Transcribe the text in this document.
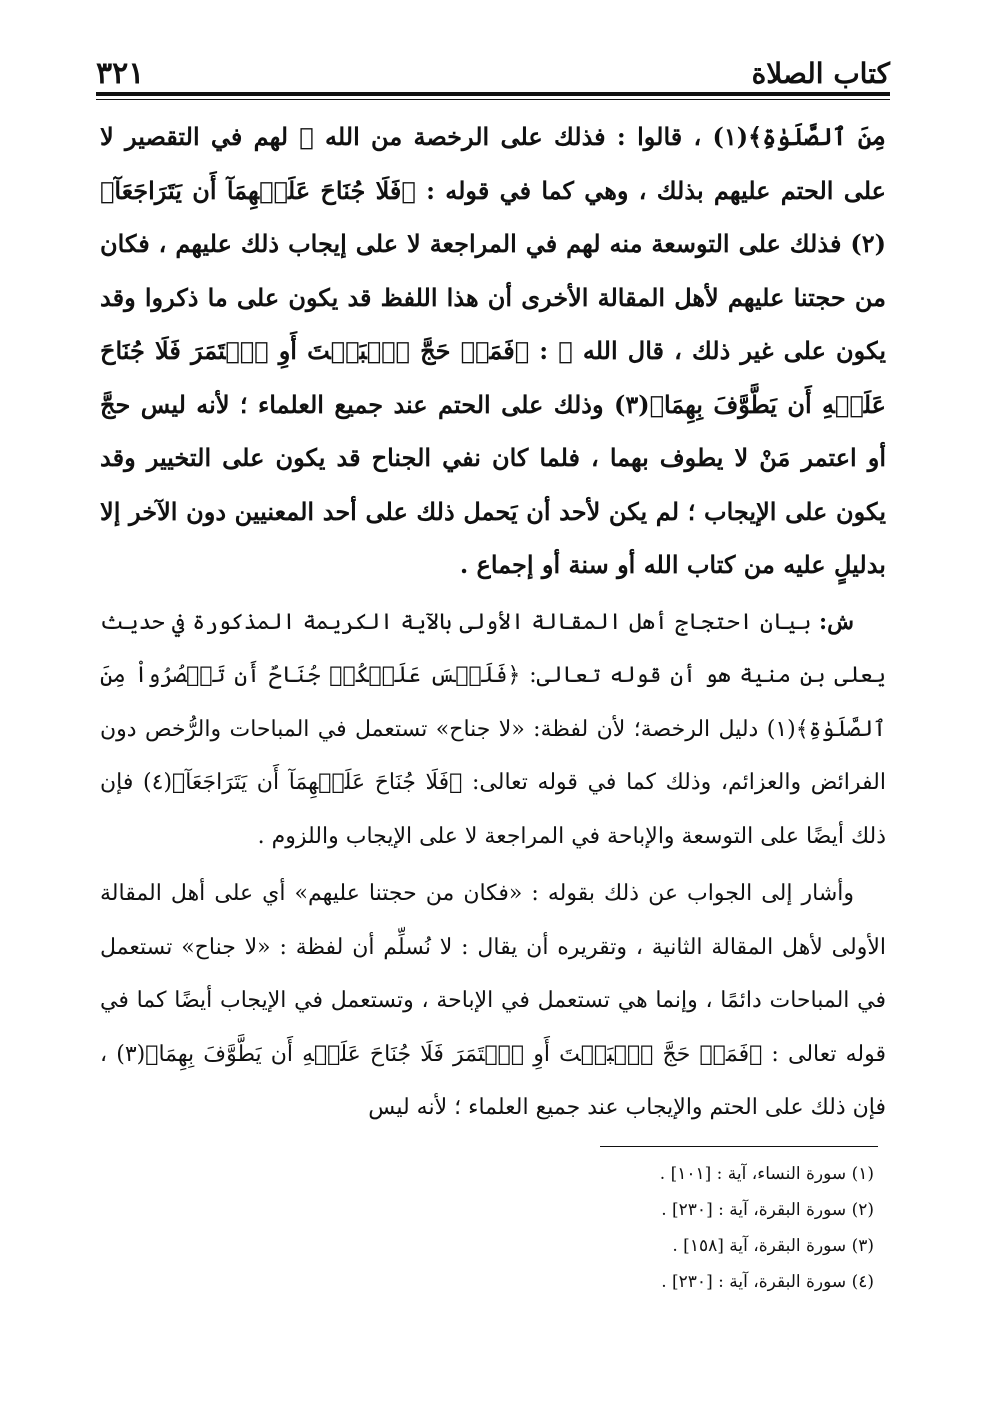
كتاب الصلاة
٣٢١

مِنَ ٱلصَّلَوٰةِ﴾(١) ، قالوا : فذلك على الرخصة من الله ﷻ لهم في التقصير لا على الحتم عليهم بذلك ، وهي كما في قوله : ﴿فَلَا جُنَاحَ عَلَيۡهِمَآ أَن يَتَرَاجَعَآ﴾(٢) فذلك على التوسعة منه لهم في المراجعة لا على إيجاب ذلك عليهم ، فكان من حجتنا عليهم لأهل المقالة الأخرى أن هذا اللفظ قد يكون على ما ذكروا وقد يكون على غير ذلك ، قال الله ﷻ : ﴿فَمَنۡ حَجَّ ٱلۡبَيۡتَ أَوِ ٱعۡتَمَرَ فَلَا جُنَاحَ عَلَيۡهِ أَن يَطَّوَّفَ بِهِمَا﴾(٣) وذلك على الحتم عند جميع العلماء ؛ لأنه ليس حجَّ أو اعتمر مَنْ لا يطوف بهما ، فلما كان نفي الجناح قد يكون على التخيير وقد يكون على الإيجاب ؛ لم يكن لأحد أن يَحمل ذلك على أحد المعنيين دون الآخر إلا بدليلٍ عليه من كتاب الله أو سنة أو إجماع .

ش: بيان احتجاج أهل المقالة الأولى بالآية الكريمة المذكورة في حديث يعلى بن منية هو أن قوله تعالى: ﴿فَلَيۡسَ عَلَيۡكُمۡ جُنَاحٌ أَن تَقۡصُرُواْ مِنَ ٱلصَّلَوٰةِ﴾(١) دليل الرخصة؛ لأن لفظة: «لا جناح» تستعمل في المباحات والرُّخص دون الفرائض والعزائم، وذلك كما في قوله تعالى: ﴿فَلَا جُنَاحَ عَلَيۡهِمَآ أَن يَتَرَاجَعَآ﴾(٤) فإن ذلك أيضًا على التوسعة والإباحة في المراجعة لا على الإيجاب واللزوم .

وأشار إلى الجواب عن ذلك بقوله : «فكان من حجتنا عليهم» أي على أهل المقالة الأولى لأهل المقالة الثانية ، وتقريره أن يقال : لا نُسلِّم أن لفظة : «لا جناح» تستعمل في المباحات دائمًا ، وإنما هي تستعمل في الإباحة ، وتستعمل في الإيجاب أيضًا كما في قوله تعالى : ﴿فَمَنۡ حَجَّ ٱلۡبَيۡتَ أَوِ ٱعۡتَمَرَ فَلَا جُنَاحَ عَلَيۡهِ أَن يَطَّوَّفَ بِهِمَا﴾(٣) ، فإن ذلك على الحتم والإيجاب عند جميع العلماء ؛ لأنه ليس

(١) سورة النساء، آية : [١٠١] .

(٢) سورة البقرة، آية : [٢٣٠] .

(٣) سورة البقرة، آية [١٥٨] .

(٤) سورة البقرة، آية : [٢٣٠] .
